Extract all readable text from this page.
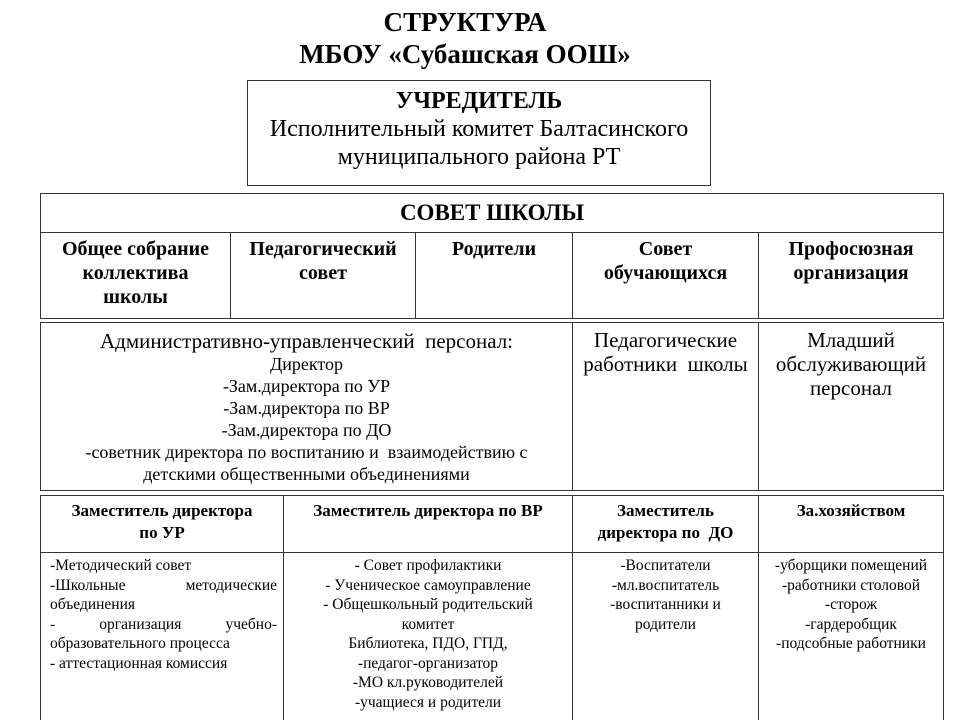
СТРУКТУРА
МБОУ «Субашская ООШ»
УЧРЕДИТЕЛЬ
Исполнительный комитет Балтасинского
муниципального района РТ
СОВЕТ ШКОЛЫ
Общее собрание
коллектива
школы
Педагогический
совет
Родители	Совет
обучающихся
Профосюзная
организация
Административно-управленческий  персонал:
Директор
-Зам.директора по УР
-Зам.директора по ВР
-Зам.директора по ДО
-советник директора по воспитанию и  взаимодействию с
детскими общественными объединениями
Педагогические
работники  школы
Младший
обслуживающий
персонал
Заместитель директора
по УР
Заместитель директора по ВР	Заместитель
директора по  ДО
За.хозяйством
-Методический совет
-Школьные методические
объединения
- организация учебно-
образовательного процесса
- аттестационная комиссия
- Совет профилактики
- Ученическое самоуправление
- Общешкольный родительский
комитет
Библиотека, ПДО, ГПД,
-педагог-организатор
-МО кл.руководителей
-учащиеся и родители
-Воспитатели
-мл.воспитатель
-воспитанники и
родители
-уборщики помещений
-работники столовой
-сторож
-гардеробщик
-подсобные работники
